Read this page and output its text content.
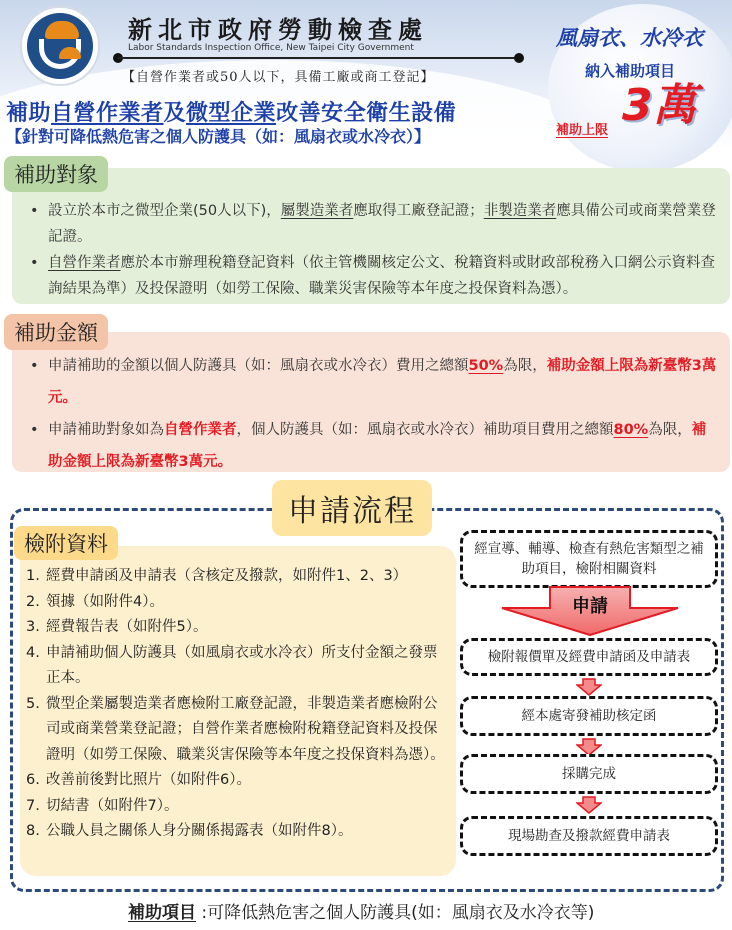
新北市政府勞動檢查處
Labor Standards Inspection Office, New Taipei City Government
【自營作業者或50人以下，具備工廠或商工登記】
補助自營作業者及微型企業改善安全衛生設備
【針對可降低熱危害之個人防護具（如：風扇衣或水冷衣）】
風扇衣、水冷衣
納入補助項目
補助上限 3萬
• 設立於本市之微型企業(50人以下)，屬製造業者應取得工廠登記證；非製造業者應具備公司或商業營業登記證。
• 自營作業者應於本市辦理稅籍登記資料（依主管機關核定公文、稅籍資料或財政部稅務入口網公示資料查詢結果為準）及投保證明（如勞工保險、職業災害保險等本年度之投保資料為憑）。
補助對象
• 申請補助的金額以個人防護具（如：風扇衣或水冷衣）費用之總額50%為限，補助金額上限為新臺幣3萬元。
• 申請補助對象如為自營作業者，個人防護具（如：風扇衣或水冷衣）補助項目費用之總額80%為限，補助金額上限為新臺幣3萬元。
補助金額
申請流程
1. 經費申請函及申請表（含核定及撥款，如附件1、2、3）
2. 領據（如附件4）。
3. 經費報告表（如附件5）。
4. 申請補助個人防護具（如風扇衣或水冷衣）所支付金額之發票正本。
5. 微型企業屬製造業者應檢附工廠登記證，非製造業者應檢附公司或商業營業登記證；自營作業者應檢附稅籍登記資料及投保證明（如勞工保險、職業災害保險等本年度之投保資料為憑）。
6. 改善前後對比照片（如附件6）。
7. 切結書（如附件7）。
8. 公職人員之關係人身分關係揭露表（如附件8）。
檢附資料	經宣導、輔導、檢查有熱危害類型之補助項目，檢附相關資料
申請
檢附報價單及經費申請函及申請表
經本處寄發補助核定函
採購完成
現場勘查及撥款經費申請表
補助項目 :可降低熱危害之個人防護具(如：風扇衣及水冷衣等)
